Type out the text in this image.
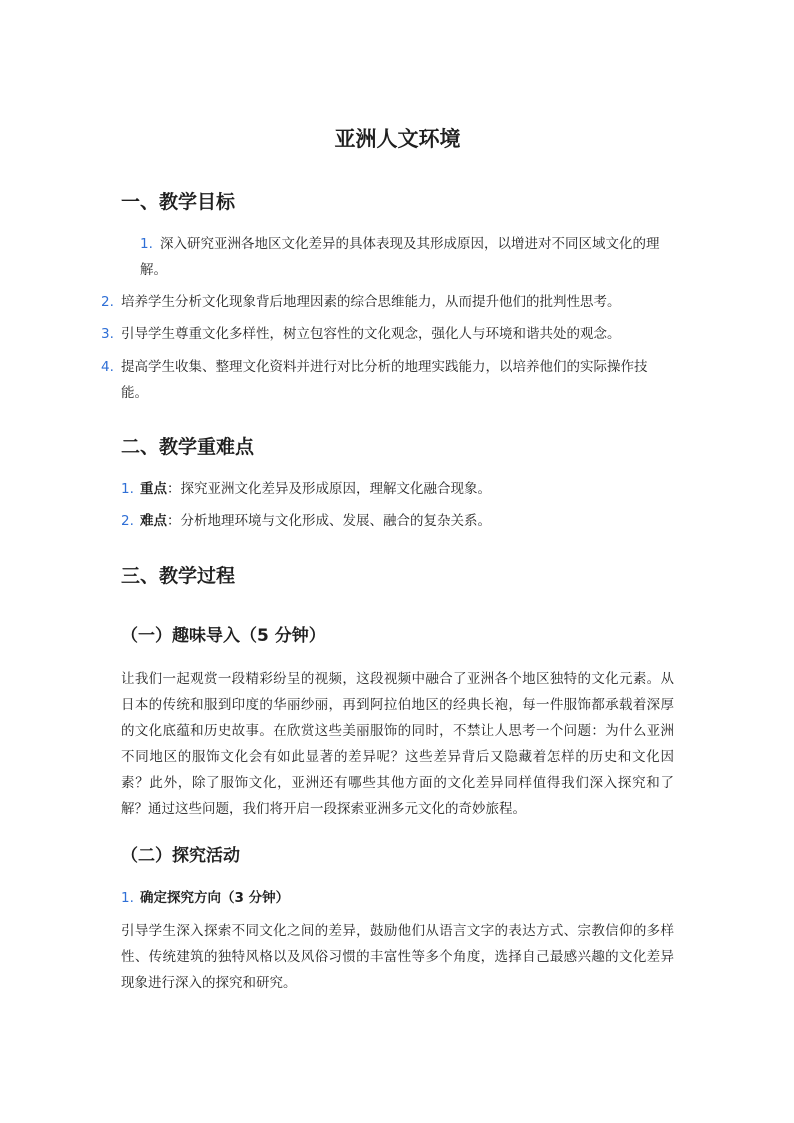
亚洲人文环境
一、教学目标

1. 深入研究亚洲各地区文化差异的具体表现及其形成原因，以增进对不同区域文化的理解。

2. 培养学生分析文化现象背后地理因素的综合思维能力，从而提升他们的批判性思考。

3. 引导学生尊重文化多样性，树立包容性的文化观念，强化人与环境和谐共处的观念。

4. 提高学生收集、整理文化资料并进行对比分析的地理实践能力，以培养他们的实际操作技能。

二、教学重难点

1. 重点：探究亚洲文化差异及形成原因，理解文化融合现象。

2. 难点：分析地理环境与文化形成、发展、融合的复杂关系。

三、教学过程
（一）趣味导入（5 分钟）

让我们一起观赏一段精彩纷呈的视频，这段视频中融合了亚洲各个地区独特的文化元素。从日本的传统和服到印度的华丽纱丽，再到阿拉伯地区的经典长袍，每一件服饰都承载着深厚的文化底蕴和历史故事。在欣赏这些美丽服饰的同时，不禁让人思考一个问题：为什么亚洲不同地区的服饰文化会有如此显著的差异呢？这些差异背后又隐藏着怎样的历史和文化因素？此外，除了服饰文化，亚洲还有哪些其他方面的文化差异同样值得我们深入探究和了解？通过这些问题，我们将开启一段探索亚洲多元文化的奇妙旅程。

（二）探究活动

1. 确定探究方向（3 分钟）

引导学生深入探索不同文化之间的差异，鼓励他们从语言文字的表达方式、宗教信仰的多样性、传统建筑的独特风格以及风俗习惯的丰富性等多个角度，选择自己最感兴趣的文化差异现象进行深入的探究和研究。
